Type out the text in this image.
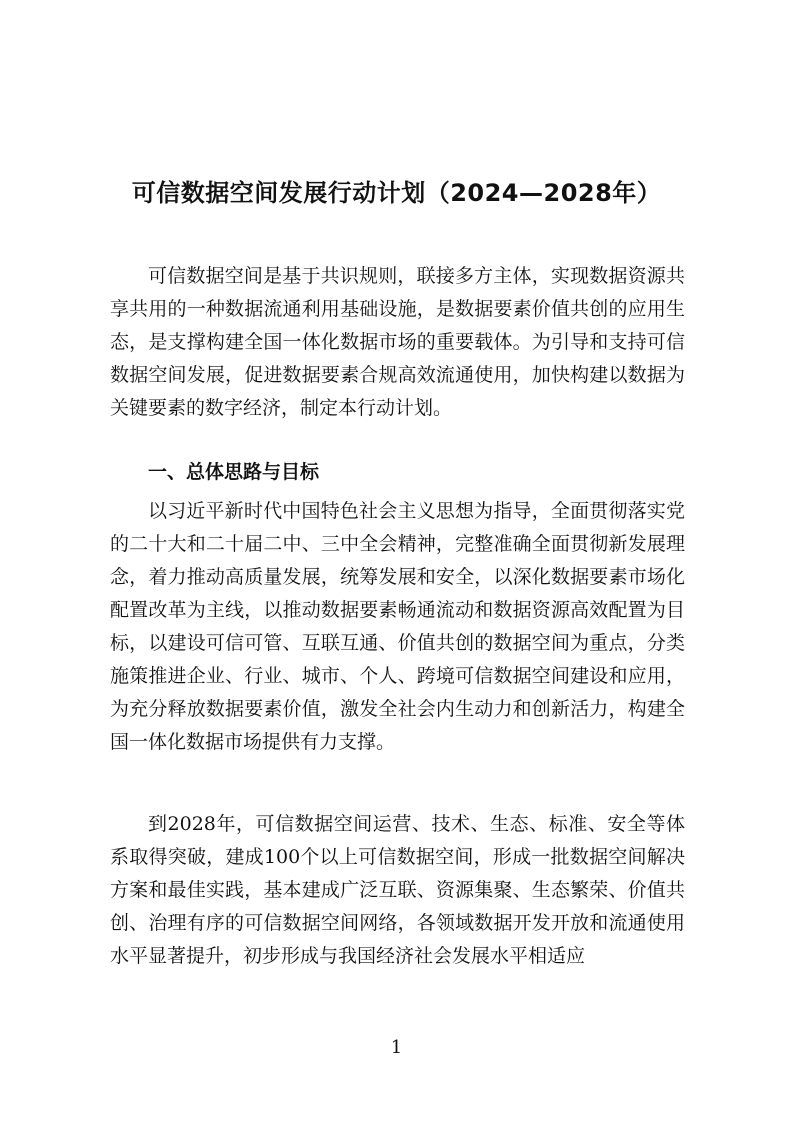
可信数据空间发展行动计划（2024—2028年）
可信数据空间是基于共识规则，联接多方主体，实现数据资源共享共用的一种数据流通利用基础设施，是数据要素价值共创的应用生态，是支撑构建全国一体化数据市场的重要载体。为引导和支持可信数据空间发展，促进数据要素合规高效流通使用，加快构建以数据为关键要素的数字经济，制定本行动计划。
一、总体思路与目标
以习近平新时代中国特色社会主义思想为指导，全面贯彻落实党的二十大和二十届二中、三中全会精神，完整准确全面贯彻新发展理念，着力推动高质量发展，统筹发展和安全，以深化数据要素市场化配置改革为主线，以推动数据要素畅通流动和数据资源高效配置为目标，以建设可信可管、互联互通、价值共创的数据空间为重点，分类施策推进企业、行业、城市、个人、跨境可信数据空间建设和应用，为充分释放数据要素价值，激发全社会内生动力和创新活力，构建全国一体化数据市场提供有力支撑。
到2028年，可信数据空间运营、技术、生态、标准、安全等体系取得突破，建成100个以上可信数据空间，形成一批数据空间解决方案和最佳实践，基本建成广泛互联、资源集聚、生态繁荣、价值共创、治理有序的可信数据空间网络，各领域数据开发开放和流通使用水平显著提升，初步形成与我国经济社会发展水平相适应
1
